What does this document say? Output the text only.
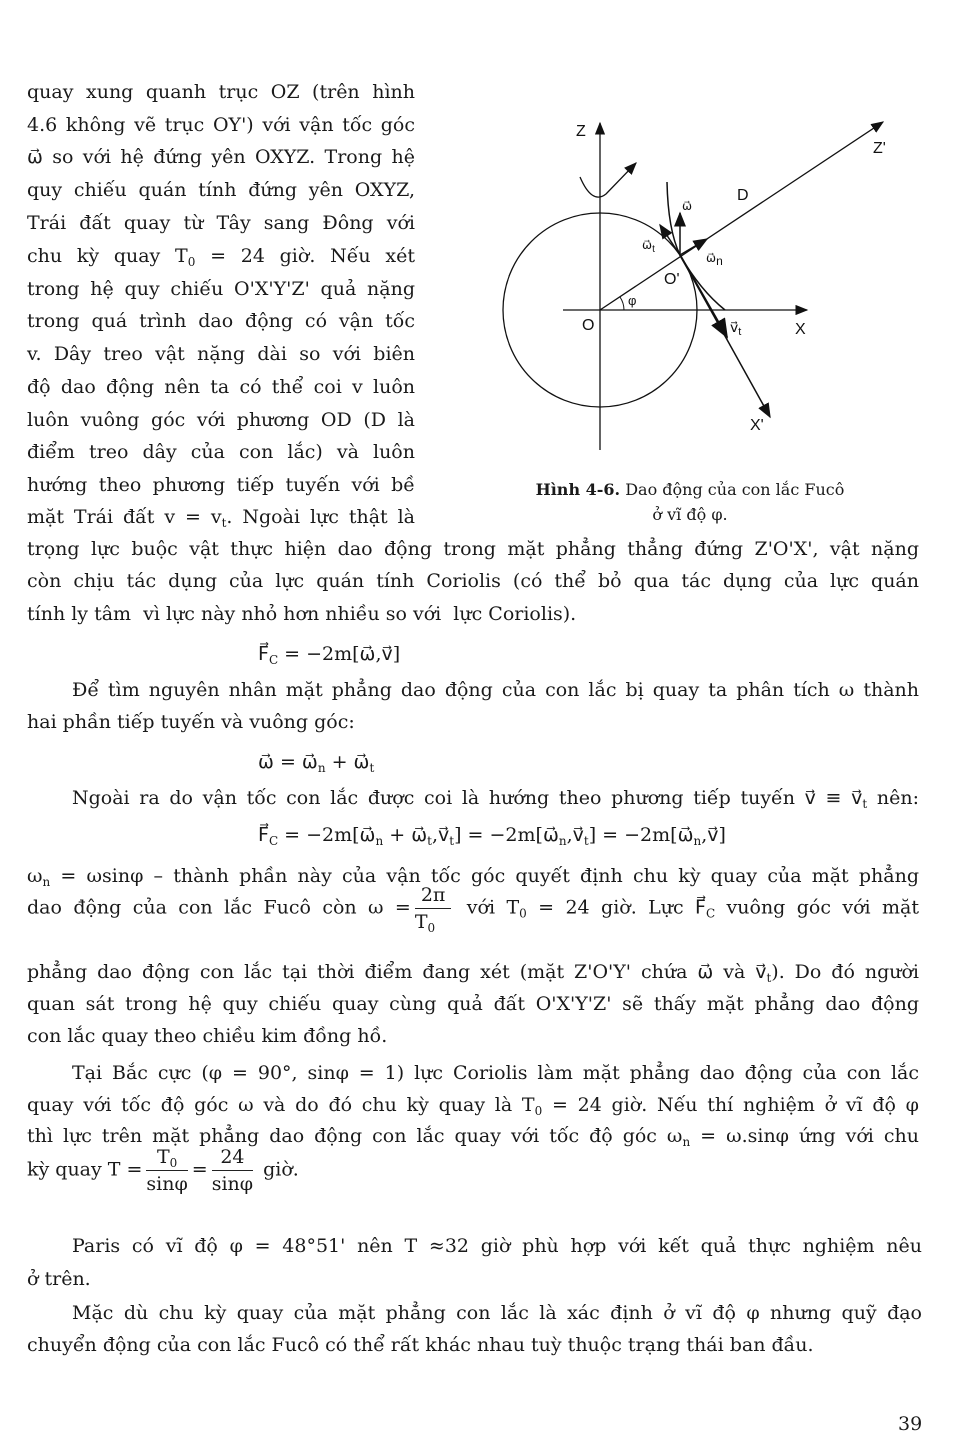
Z
X
O
O'
Z'
X'
D
φ
ω⃗
$\omega⃗_t$
ω⃗n
$v⃗_t$
Hình 4-6. Dao động của con lắc Fucô
ở vĩ độ φ.
quay xung quanh trục OZ (trên hình
4.6 không vẽ trục OY') với vận tốc góc
ω⃗ so với hệ đứng yên OXYZ. Trong hệ
quy chiếu quán tính đứng yên OXYZ,
Trái đất quay từ Tây sang Đông với
chu kỳ quay $T_0 = 24$ giờ. Nếu xét
trong hệ quy chiếu O'X'Y'Z' quả nặng
trong quá trình dao động có vận tốc
v. Dây treo vật nặng dài so với biên
độ dao động nên ta có thể coi v luôn
luôn vuông góc với phương OD (D là
điểm treo dây của con lắc) và luôn
hướng theo phương tiếp tuyến với bề
mặt Trái đất $v = v_t$. Ngoài lực thật là
trọng lực buộc vật thực hiện dao động trong mặt phẳng thẳng đứng Z'O'X', vật nặng
còn chịu tác dụng của lực quán tính Coriolis (có thể bỏ qua tác dụng của lực quán
tính ly tâm  vì lực này nhỏ hơn nhiều so với  lực Coriolis).
$F⃗_C$ = −2m[ω⃗,v⃗]
Để tìm nguyên nhân mặt phẳng dao động của con lắc bị quay ta phân tích ω thành
hai phần tiếp tuyến và vuông góc:
ω⃗ = $\omega⃗_n$ + $\omega⃗_t$
Ngoài ra do vận tốc con lắc được coi là hướng theo phương tiếp tuyến v⃗ ≡ $v⃗_t$ nên:
$F⃗_C$ = $-2m[\omega⃗_n$ + $\omega⃗_t,v⃗_t$] = $-2m[\omega⃗_n,v⃗_t]$ = $-2m[\omega⃗_n,v⃗]$
$\omega_n = \omega\sin\varphi$ – thành phần này của vận tốc góc quyết định chu kỳ quay của mặt phẳng
dao động của con lắc Fucô còn $\omega = \frac{2\pi}{T_0}$ với $T_0 = 24$ giờ. Lực $F⃗_C$ vuông góc với mặt
phẳng dao động con lắc tại thời điểm đang xét (mặt Z'O'Y' chứa ω⃗ và $v⃗_t$). Do đó người
quan sát trong hệ quy chiếu quay cùng quả đất O'X'Y'Z' sẽ thấy mặt phẳng dao động
con lắc quay theo chiều kim đồng hồ.
Tại Bắc cực (φ = 90°, sinφ = 1) lực Coriolis làm mặt phẳng dao động của con lắc
quay với tốc độ góc ω và do đó chu kỳ quay là $T_0 = 24$ giờ. Nếu thí nghiệm ở vĩ độ φ
thì lực trên mặt phẳng dao động con lắc quay với tốc độ góc $\omega_n = \omega.\sin\varphi$ ứng với chu
kỳ quay $T = \frac{T_0}{\sin\varphi} = \frac{24}{\sin\varphi}$ giờ.
Paris có vĩ độ φ = 48°51' nên T ≈32 giờ phù hợp với kết quả thực nghiệm nêu
ở trên.
Mặc dù chu kỳ quay của mặt phẳng con lắc là xác định ở vĩ độ φ nhưng quỹ đạo
chuyển động của con lắc Fucô có thể rất khác nhau tuỳ thuộc trạng thái ban đầu.
39
